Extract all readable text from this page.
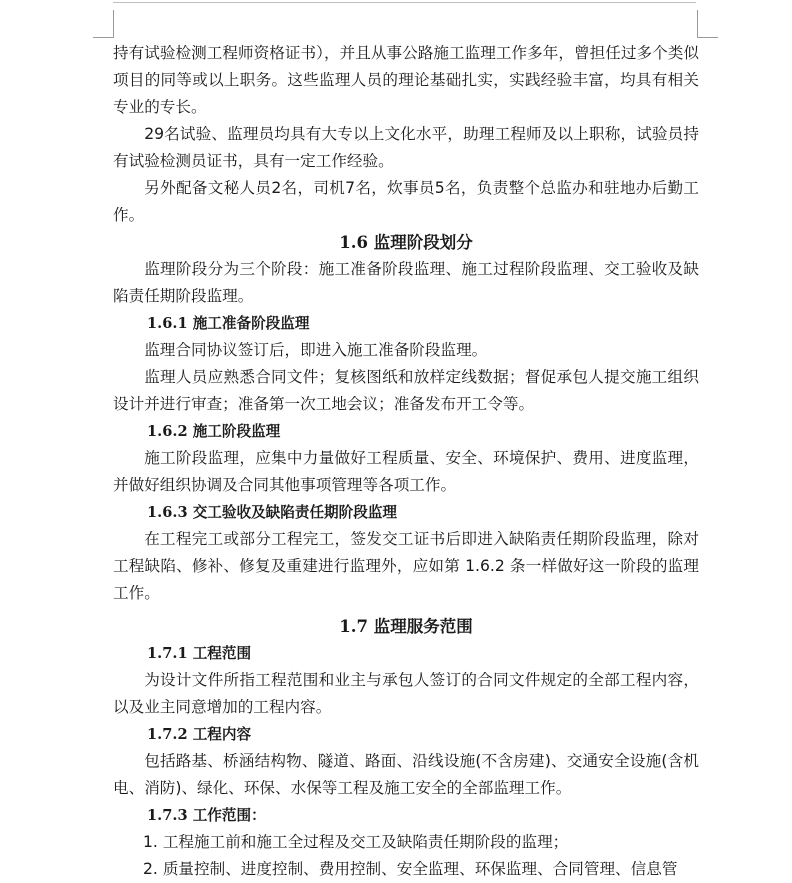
持有试验检测工程师资格证书），并且从事公路施工监理工作多年，曾担任过多个类似项目的同等或以上职务。这些监理人员的理论基础扎实，实践经验丰富，均具有相关专业的专长。

29名试验、监理员均具有大专以上文化水平，助理工程师及以上职称，试验员持有试验检测员证书，具有一定工作经验。

另外配备文秘人员2名，司机7名，炊事员5名，负责整个总监办和驻地办后勤工作。

1.6 监理阶段划分

监理阶段分为三个阶段：施工准备阶段监理、施工过程阶段监理、交工验收及缺陷责任期阶段监理。

1.6.1 施工准备阶段监理

监理合同协议签订后，即进入施工准备阶段监理。

监理人员应熟悉合同文件；复核图纸和放样定线数据；督促承包人提交施工组织设计并进行审查；准备第一次工地会议；准备发布开工令等。

1.6.2 施工阶段监理

施工阶段监理，应集中力量做好工程质量、安全、环境保护、费用、进度监理，并做好组织协调及合同其他事项管理等各项工作。

1.6.3 交工验收及缺陷责任期阶段监理

在工程完工或部分工程完工，签发交工证书后即进入缺陷责任期阶段监理，除对工程缺陷、修补、修复及重建进行监理外，应如第 1.6.2 条一样做好这一阶段的监理工作。

1.7 监理服务范围
1.7.1 工程范围

为设计文件所指工程范围和业主与承包人签订的合同文件规定的全部工程内容，以及业主同意增加的工程内容。

1.7.2 工程内容

包括路基、桥涵结构物、隧道、路面、沿线设施(不含房建)、交通安全设施(含机电、消防)、绿化、环保、水保等工程及施工安全的全部监理工作。

1.7.3 工作范围：

1. 工程施工前和施工全过程及交工及缺陷责任期阶段的监理；

2. 质量控制、进度控制、费用控制、安全监理、环保监理、合同管理、信息管
